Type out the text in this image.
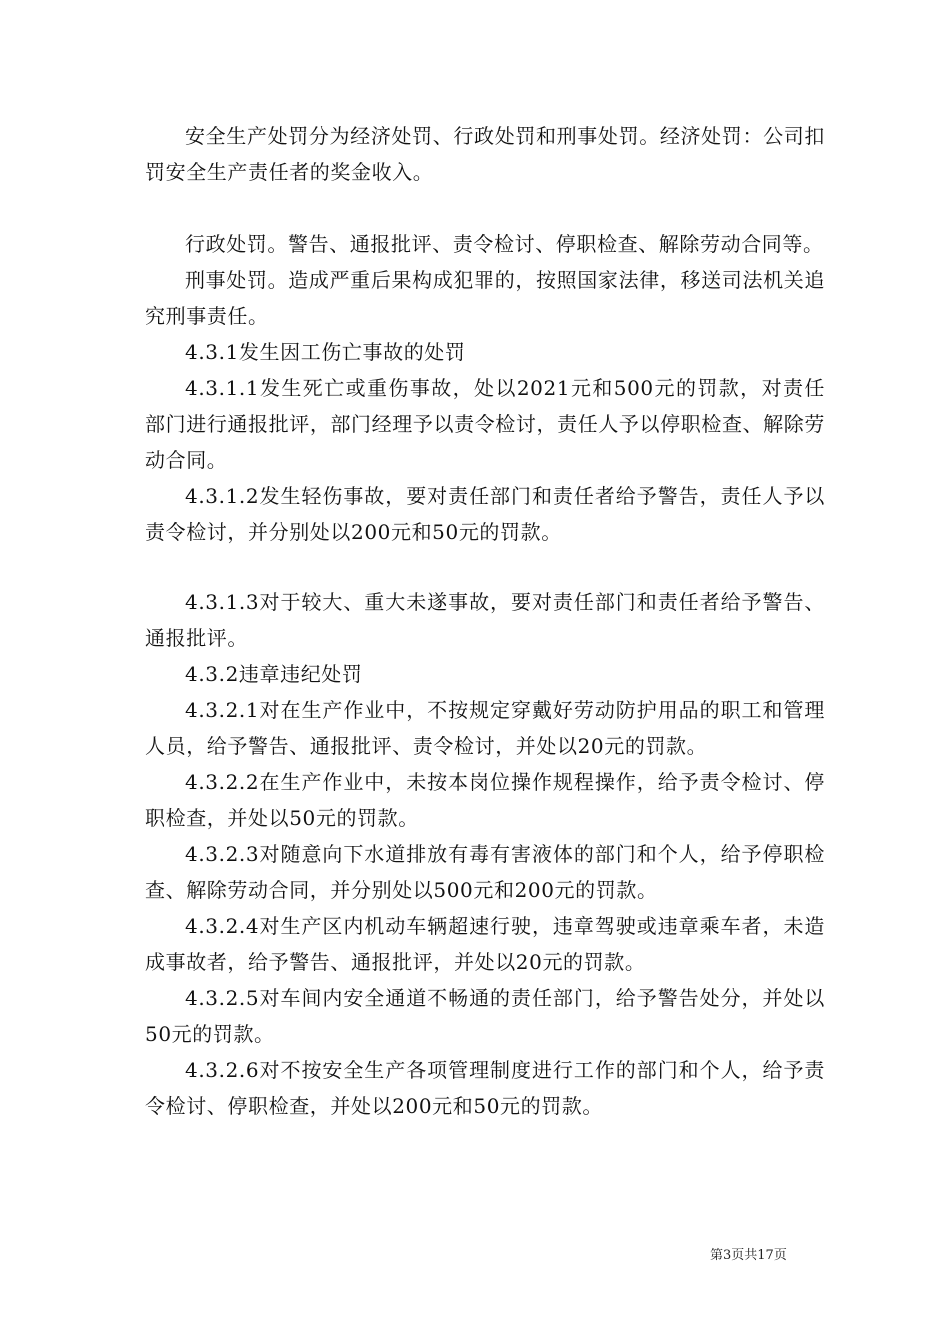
安全生产处罚分为经济处罚、行政处罚和刑事处罚。经济处罚：公司扣罚安全生产责任者的奖金收入。

行政处罚。警告、通报批评、责令检讨、停职检查、解除劳动合同等。

刑事处罚。造成严重后果构成犯罪的，按照国家法律，移送司法机关追究刑事责任。

4.3.1发生因工伤亡事故的处罚

4.3.1.1发生死亡或重伤事故，处以2021元和500元的罚款，对责任部门进行通报批评，部门经理予以责令检讨，责任人予以停职检查、解除劳动合同。

4.3.1.2发生轻伤事故，要对责任部门和责任者给予警告，责任人予以责令检讨，并分别处以200元和50元的罚款。

4.3.1.3对于较大、重大未遂事故，要对责任部门和责任者给予警告、通报批评。

4.3.2违章违纪处罚

4.3.2.1对在生产作业中，不按规定穿戴好劳动防护用品的职工和管理人员，给予警告、通报批评、责令检讨，并处以20元的罚款。

4.3.2.2在生产作业中，未按本岗位操作规程操作，给予责令检讨、停职检查，并处以50元的罚款。

4.3.2.3对随意向下水道排放有毒有害液体的部门和个人，给予停职检查、解除劳动合同，并分别处以500元和200元的罚款。

4.3.2.4对生产区内机动车辆超速行驶，违章驾驶或违章乘车者，未造成事故者，给予警告、通报批评，并处以20元的罚款。

4.3.2.5对车间内安全通道不畅通的责任部门，给予警告处分，并处以50元的罚款。

4.3.2.6对不按安全生产各项管理制度进行工作的部门和个人，给予责令检讨、停职检查，并处以200元和50元的罚款。

第3页共17页
